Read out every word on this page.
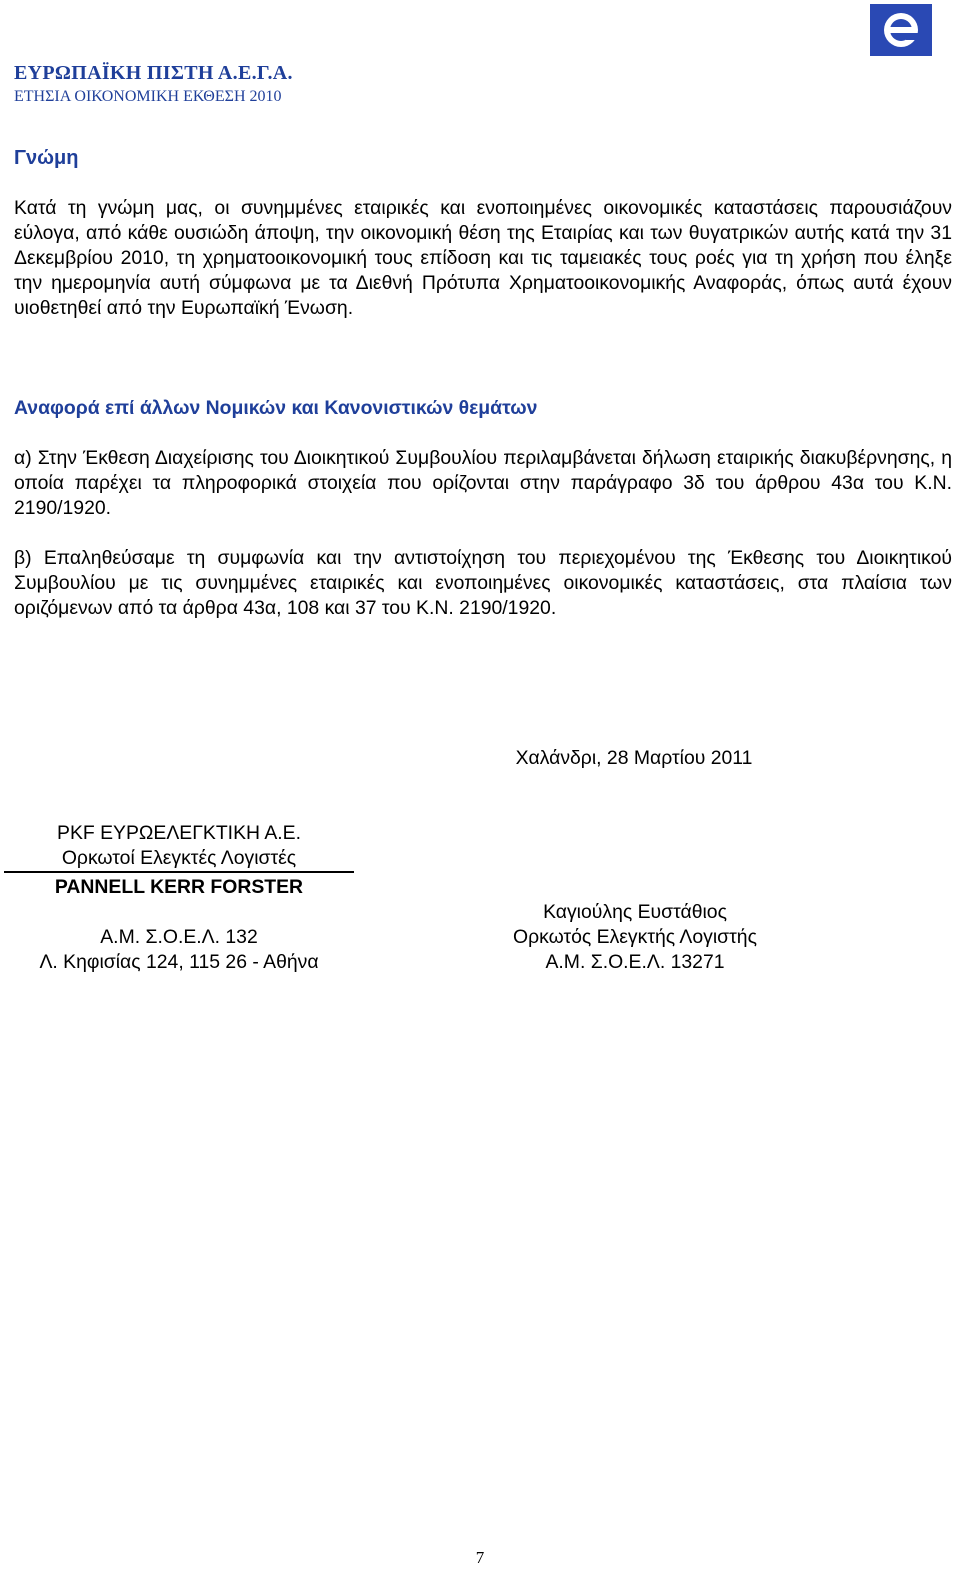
ΕΥΡΩΠΑΪΚΗ ΠΙΣΤΗ Α.Ε.Γ.Α.
ΕΤΗΣΙΑ ΟΙΚΟΝΟΜΙΚΗ ΕΚΘΕΣΗ 2010
Γνώμη
Κατά τη γνώμη μας, οι συνημμένες εταιρικές και ενοποιημένες οικονομικές καταστάσεις παρουσιάζουν εύλογα, από κάθε ουσιώδη άποψη, την οικονομική θέση της Εταιρίας και των θυγατρικών αυτής κατά την 31 Δεκεμβρίου 2010, τη χρηματοοικονομική τους επίδοση και τις ταμειακές τους ροές για τη χρήση που έληξε την ημερομηνία αυτή σύμφωνα με τα Διεθνή Πρότυπα Χρηματοοικονομικής Αναφοράς, όπως αυτά έχουν υιοθετηθεί από την Ευρωπαϊκή Ένωση.
Αναφορά επί άλλων Νομικών και Κανονιστικών θεμάτων
α) Στην Έκθεση Διαχείρισης του Διοικητικού Συμβουλίου περιλαμβάνεται δήλωση εταιρικής διακυβέρνησης, η οποία παρέχει τα πληροφορικά στοιχεία που ορίζονται στην παράγραφο 3δ του άρθρου 43α του Κ.Ν. 2190/1920.
β) Επαληθεύσαμε τη συμφωνία και την αντιστοίχηση του περιεχομένου της Έκθεσης του Διοικητικού Συμβουλίου με τις συνημμένες εταιρικές και ενοποιημένες οικονομικές καταστάσεις, στα πλαίσια των οριζόμενων από τα άρθρα 43α, 108 και 37 του Κ.Ν. 2190/1920.
Χαλάνδρι, 28 Μαρτίου 2011
PKF ΕΥΡΩΕΛΕΓΚΤΙΚΗ Α.Ε.
Ορκωτοί Ελεγκτές Λογιστές
PANNELL KERR FORSTER
Α.Μ. Σ.Ο.Ε.Λ. 132
Λ. Κηφισίας 124, 115 26 - Αθήνα
Καγιούλης Ευστάθιος
Ορκωτός Ελεγκτής Λογιστής
Α.Μ. Σ.Ο.Ε.Λ. 13271
7
